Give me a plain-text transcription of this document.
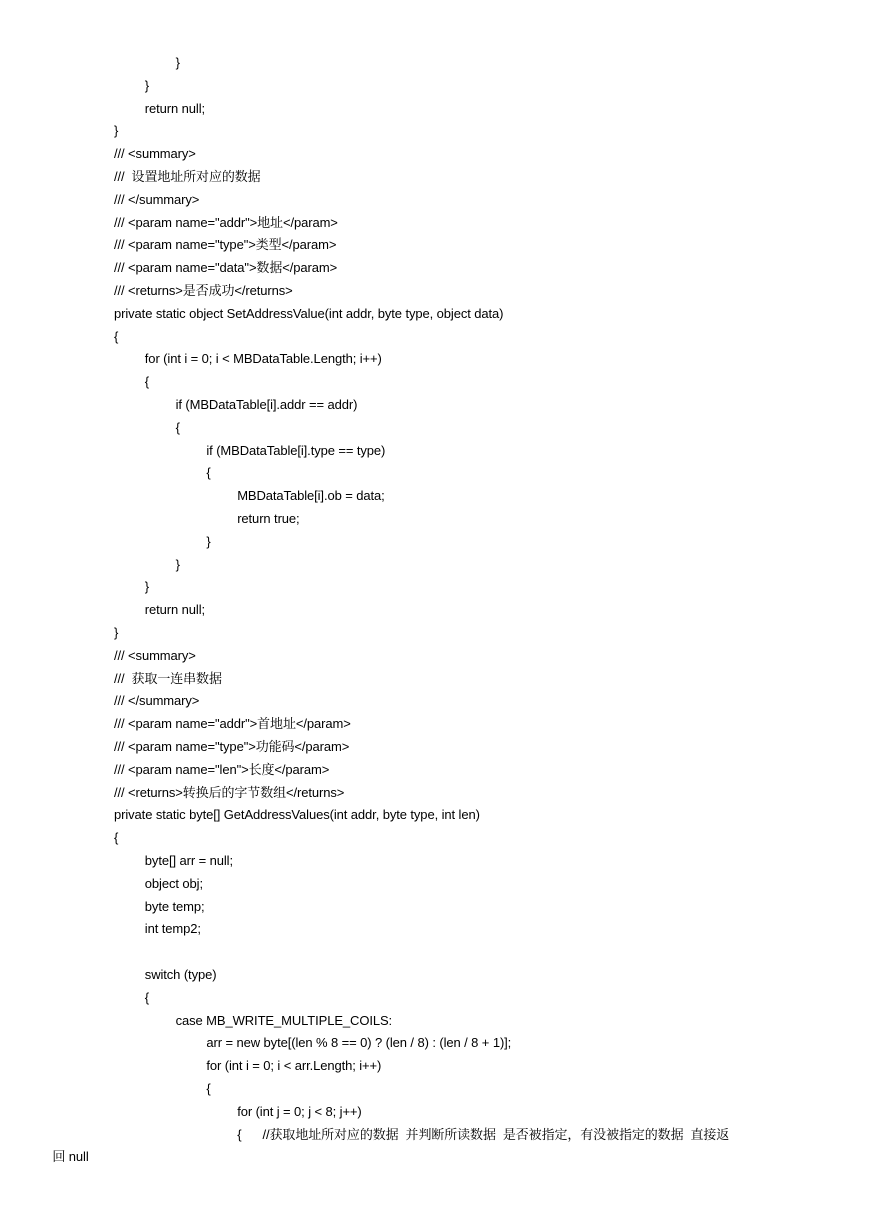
}
}
return null;
}
/// <summary>
///  设置地址所对应的数据
/// </summary>
/// <param name="addr">地址</param>
/// <param name="type">类型</param>
/// <param name="data">数据</param>
/// <returns>是否成功</returns>
private static object SetAddressValue(int addr, byte type, object data)
{
for (int i = 0; i < MBDataTable.Length; i++)
{
if (MBDataTable[i].addr == addr)
{
if (MBDataTable[i].type == type)
{
MBDataTable[i].ob = data;
return true;
}
}
}
return null;
}
/// <summary>
///  获取一连串数据
/// </summary>
/// <param name="addr">首地址</param>
/// <param name="type">功能码</param>
/// <param name="len">长度</param>
/// <returns>转换后的字节数组</returns>
private static byte[] GetAddressValues(int addr, byte type, int len)
{
byte[] arr = null;
object obj;
byte temp;
int temp2;
switch (type)
{
case MB_WRITE_MULTIPLE_COILS:
arr = new byte[(len % 8 == 0) ? (len / 8) : (len / 8 + 1)];
for (int i = 0; i < arr.Length; i++)
{
for (int j = 0; j < 8; j++)
{      //获取地址所对应的数据  并判断所读数据  是否被指定，有没被指定的数据  直接返
回 null
